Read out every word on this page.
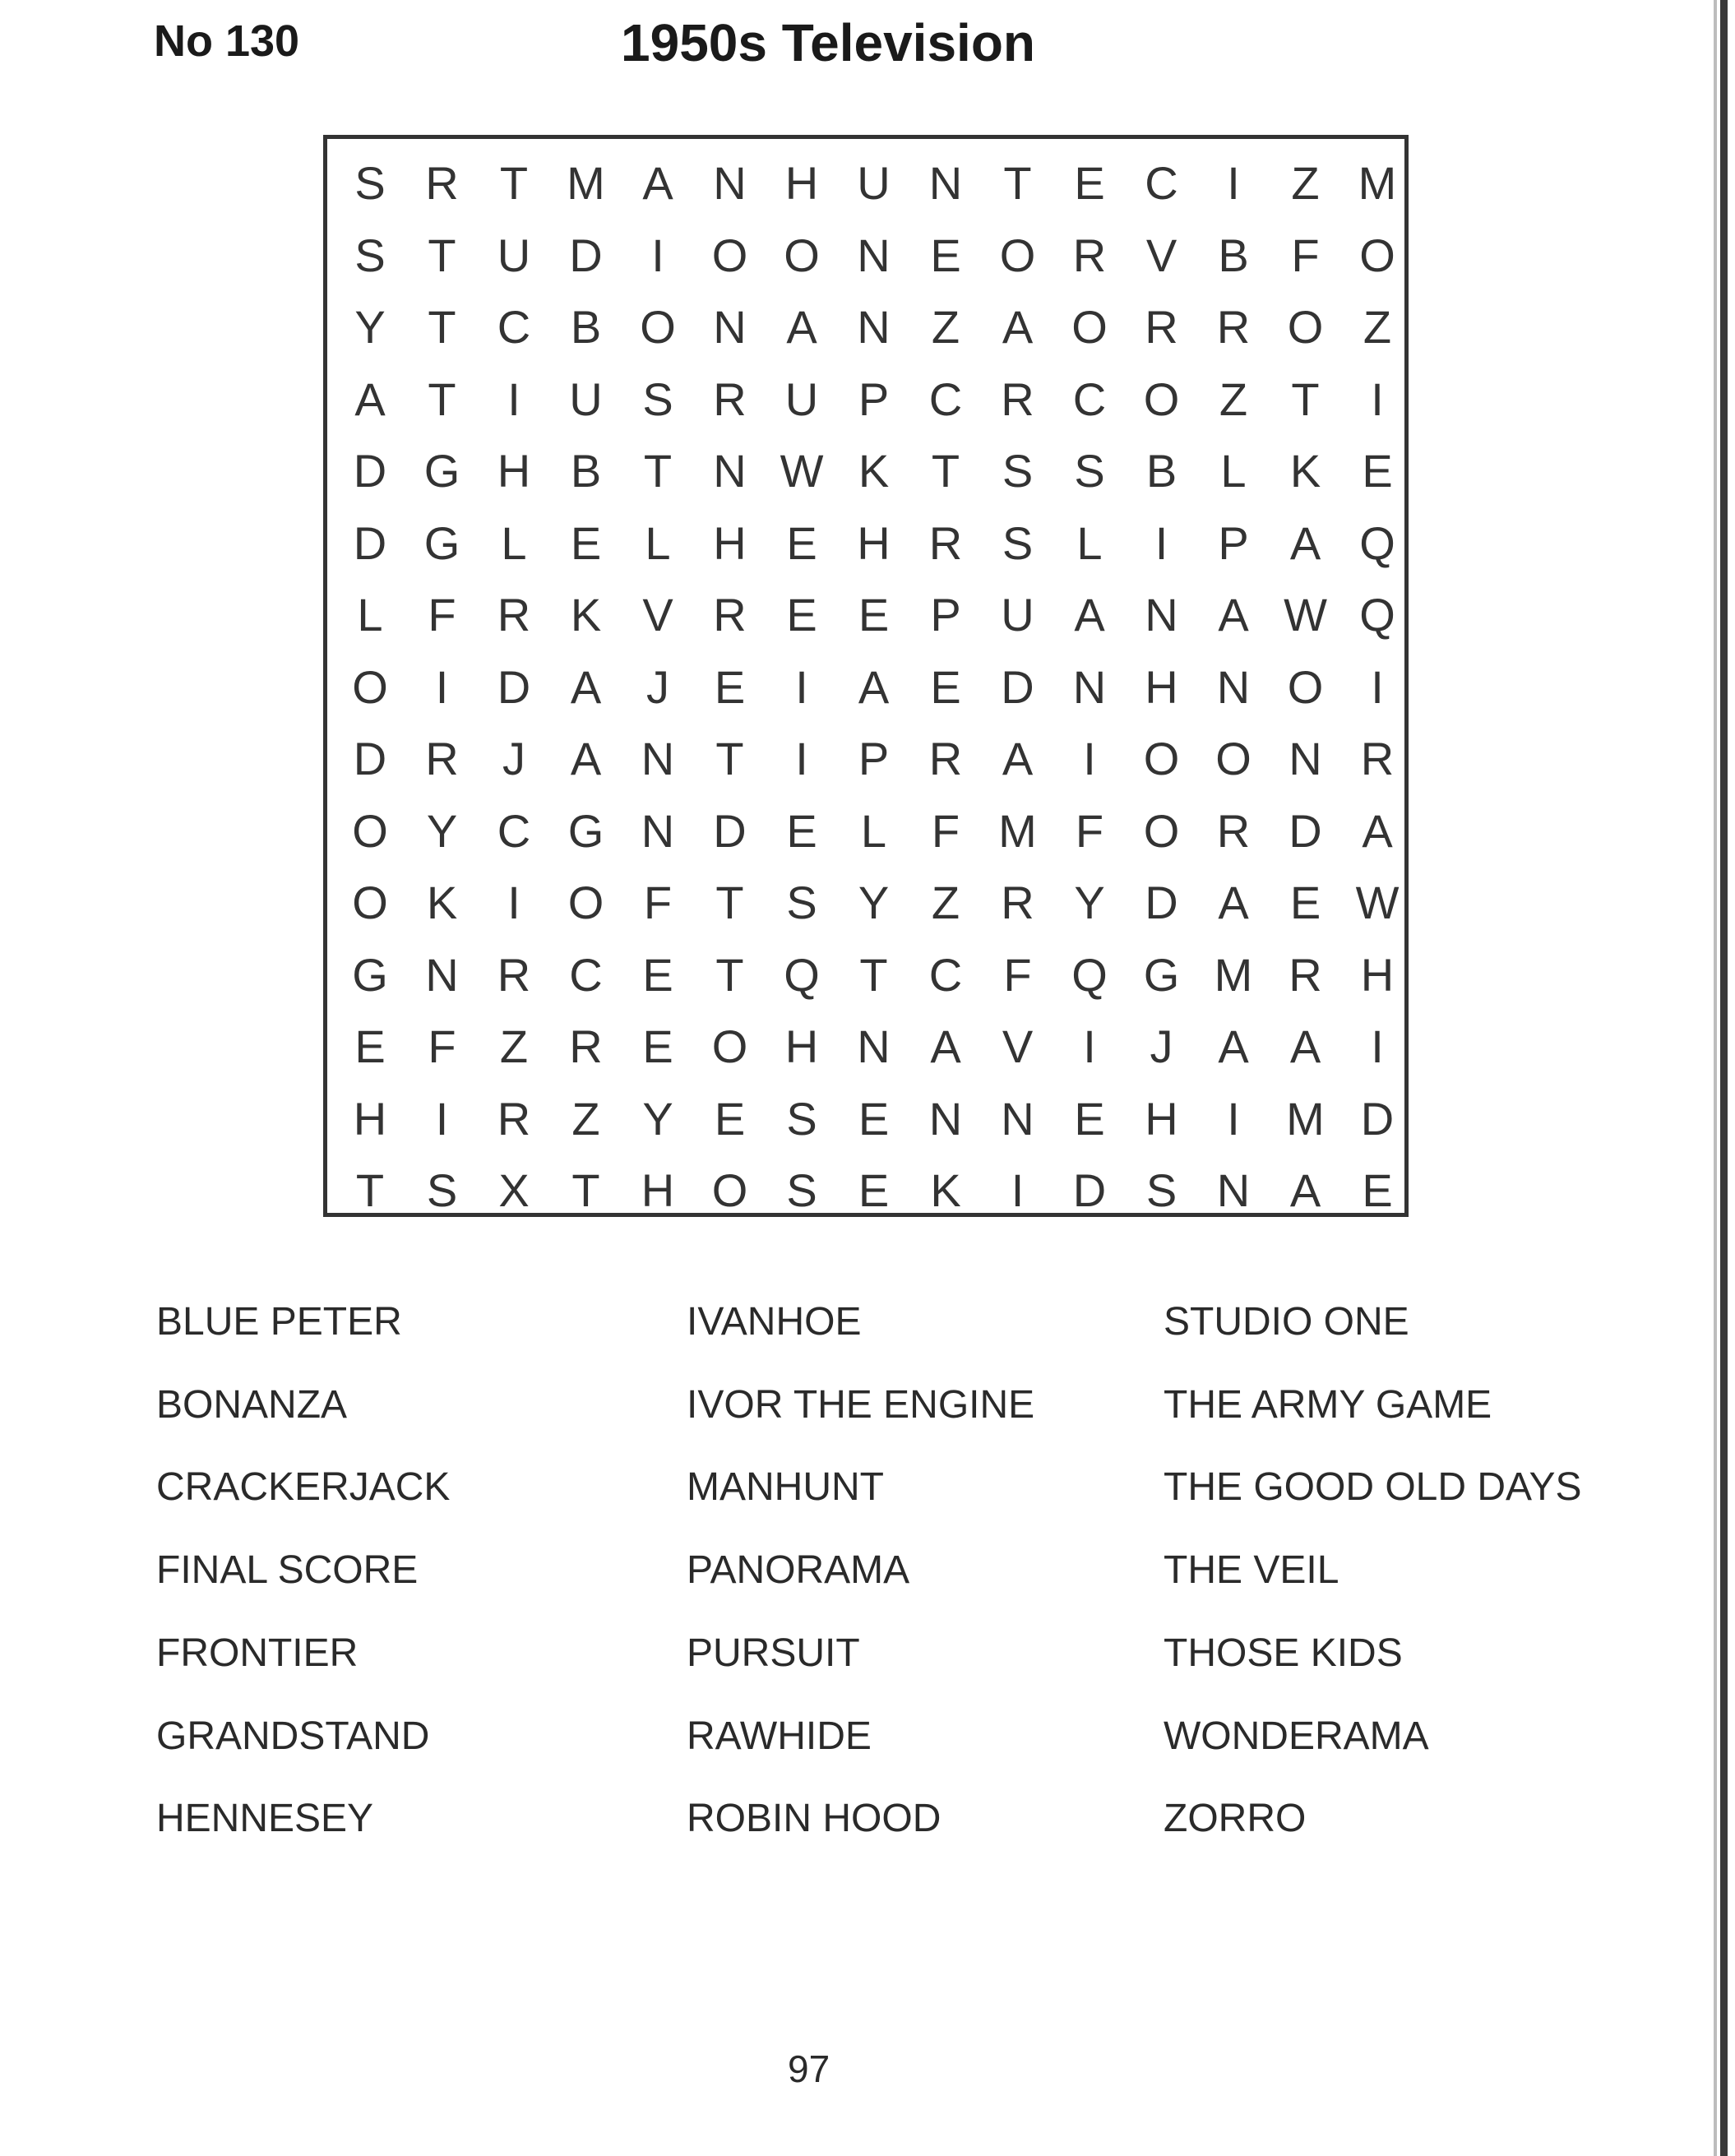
No 130	1950s Television
S R T M A N H U N T E C	I	Z M
S T U D	I	O O N E O R V B F O
Y T C B O N A N Z A O R R O Z
A T	I	U S R U P C R C O Z T	I
D G H B T N W K T S S B L K E
D G L E L H E H R S L	I	P A Q
L F R K V R E E P U A N A W Q
O	I	D A J E	I	A E D N H N O	I
D R J A N T	I	P R A	I	O O N R
O Y C G N D E L F M F O R D A
O K	I	O F T S Y Z R Y D A E W
G N R C E T Q T C F Q G M R H
E F Z R E O H N A V	I	J A A	I
H	I	R Z Y E S E N N E H	I	M D
T S X T H O S E K	I	D S N A E
BLUE PETER
BONANZA
CRACKERJACK
FINAL SCORE
FRONTIER
GRANDSTAND
HENNESEY
IVANHOE
IVOR THE ENGINE
MANHUNT
PANORAMA
PURSUIT
RAWHIDE
ROBIN HOOD
STUDIO ONE
THE ARMY GAME
THE GOOD OLD DAYS
THE VEIL
THOSE KIDS
WONDERAMA
ZORRO
97
